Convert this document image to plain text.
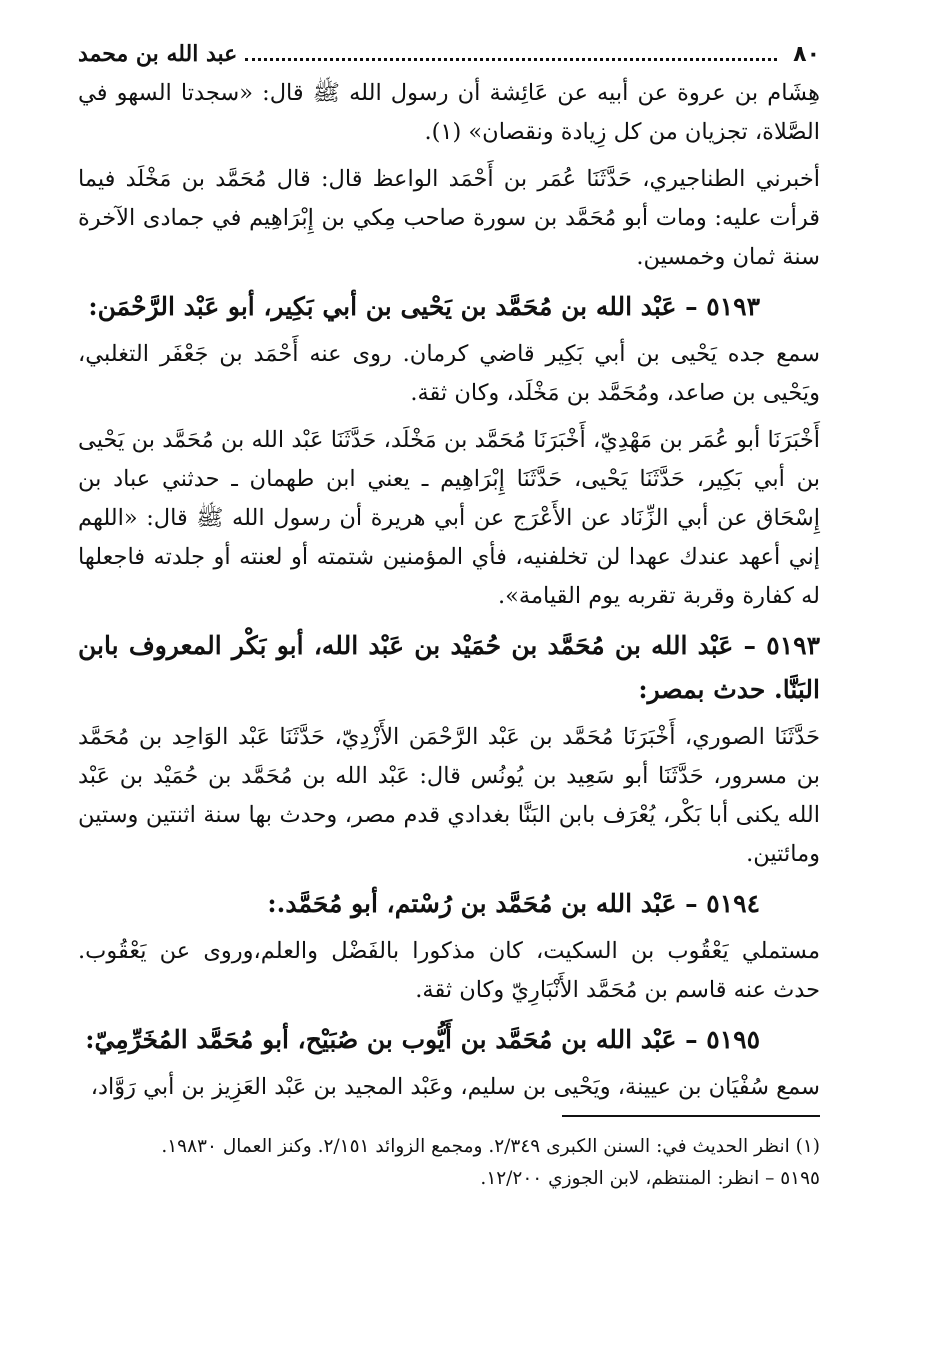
٨٠
عبد الله بن محمد

هِشَام بن عروة عن أبيه عن عَائِشة أن رسول الله ﷺ قال: «سجدتا السهو في الصَّلاة، تجزيان من كل زِيادة ونقصان» (١).

أخبرني الطناجيري، حَدَّثَنَا عُمَر بن أَحْمَد الواعظ قال: قال مُحَمَّد بن مَخْلَد فيما قرأت عليه: ومات أبو مُحَمَّد بن سورة صاحب مِكي بن إِبْرَاهِيم في جمادى الآخرة سنة ثمان وخمسين.

٥١٩٣ – عَبْد الله بن مُحَمَّد بن يَحْيى بن أبي بَكِير، أبو عَبْد الرَّحْمَن:

سمع جده يَحْيى بن أبي بَكِير قاضي كرمان. روى عنه أَحْمَد بن جَعْفَر التغلبي، ويَحْيى بن صاعد، ومُحَمَّد بن مَخْلَد، وكان ثقة.

أَخْبَرَنَا أبو عُمَر بن مَهْدِيّ، أَخْبَرَنَا مُحَمَّد بن مَخْلَد، حَدَّثَنَا عَبْد الله بن مُحَمَّد بن يَحْيى بن أبي بَكِير، حَدَّثَنَا يَحْيى، حَدَّثَنَا إِبْرَاهِيم ـ يعني ابن طهمان ـ حدثني عباد بن إِسْحَاق عن أبي الزِّنَاد عن الأَعْرَج عن أبي هريرة أن رسول الله ﷺ قال: «اللهم إني أعهد عندك عهدا لن تخلفنيه، فأي المؤمنين شتمته أو لعنته أو جلدته فاجعلها له كفارة وقربة تقربه يوم القيامة».

٥١٩٣ – عَبْد الله بن مُحَمَّد بن حُمَيْد بن عَبْد الله، أبو بَكْر المعروف بابن البَنَّا. حدث بمصر:

حَدَّثَنَا الصوري، أَخْبَرَنَا مُحَمَّد بن عَبْد الرَّحْمَن الأَزْدِيّ، حَدَّثَنَا عَبْد الوَاحِد بن مُحَمَّد بن مسرور، حَدَّثَنَا أبو سَعِيد بن يُونُس قال: عَبْد الله بن مُحَمَّد بن حُمَيْد بن عَبْد الله يكنى أبا بَكْر، يُعْرَف بابن البَنَّا بغدادي قدم مصر، وحدث بها سنة اثنتين وستين ومائتين.

٥١٩٤ – عَبْد الله بن مُحَمَّد بن رُسْتم، أبو مُحَمَّد.:

مستملي يَعْقُوب بن السكيت، كان مذكورا بالفَضْل والعلم،وروى عن يَعْقُوب. حدث عنه قاسم بن مُحَمَّد الأَنْبَارِيّ وكان ثقة.

٥١٩٥ – عَبْد الله بن مُحَمَّد بن أَيُّوب بن صُبَيْح، أبو مُحَمَّد المُخَرِّمِيّ:

سمع سُفْيَان بن عيينة، ويَحْيى بن سليم، وعَبْد المجيد بن عَبْد العَزِيز بن أبي رَوَّاد،

(١) انظر الحديث في: السنن الكبرى ٢/٣٤٩. ومجمع الزوائد ٢/١٥١. وكنز العمال ١٩٨٣٠.

٥١٩٥ – انظر: المنتظم، لابن الجوزي ١٢/٢٠٠.
